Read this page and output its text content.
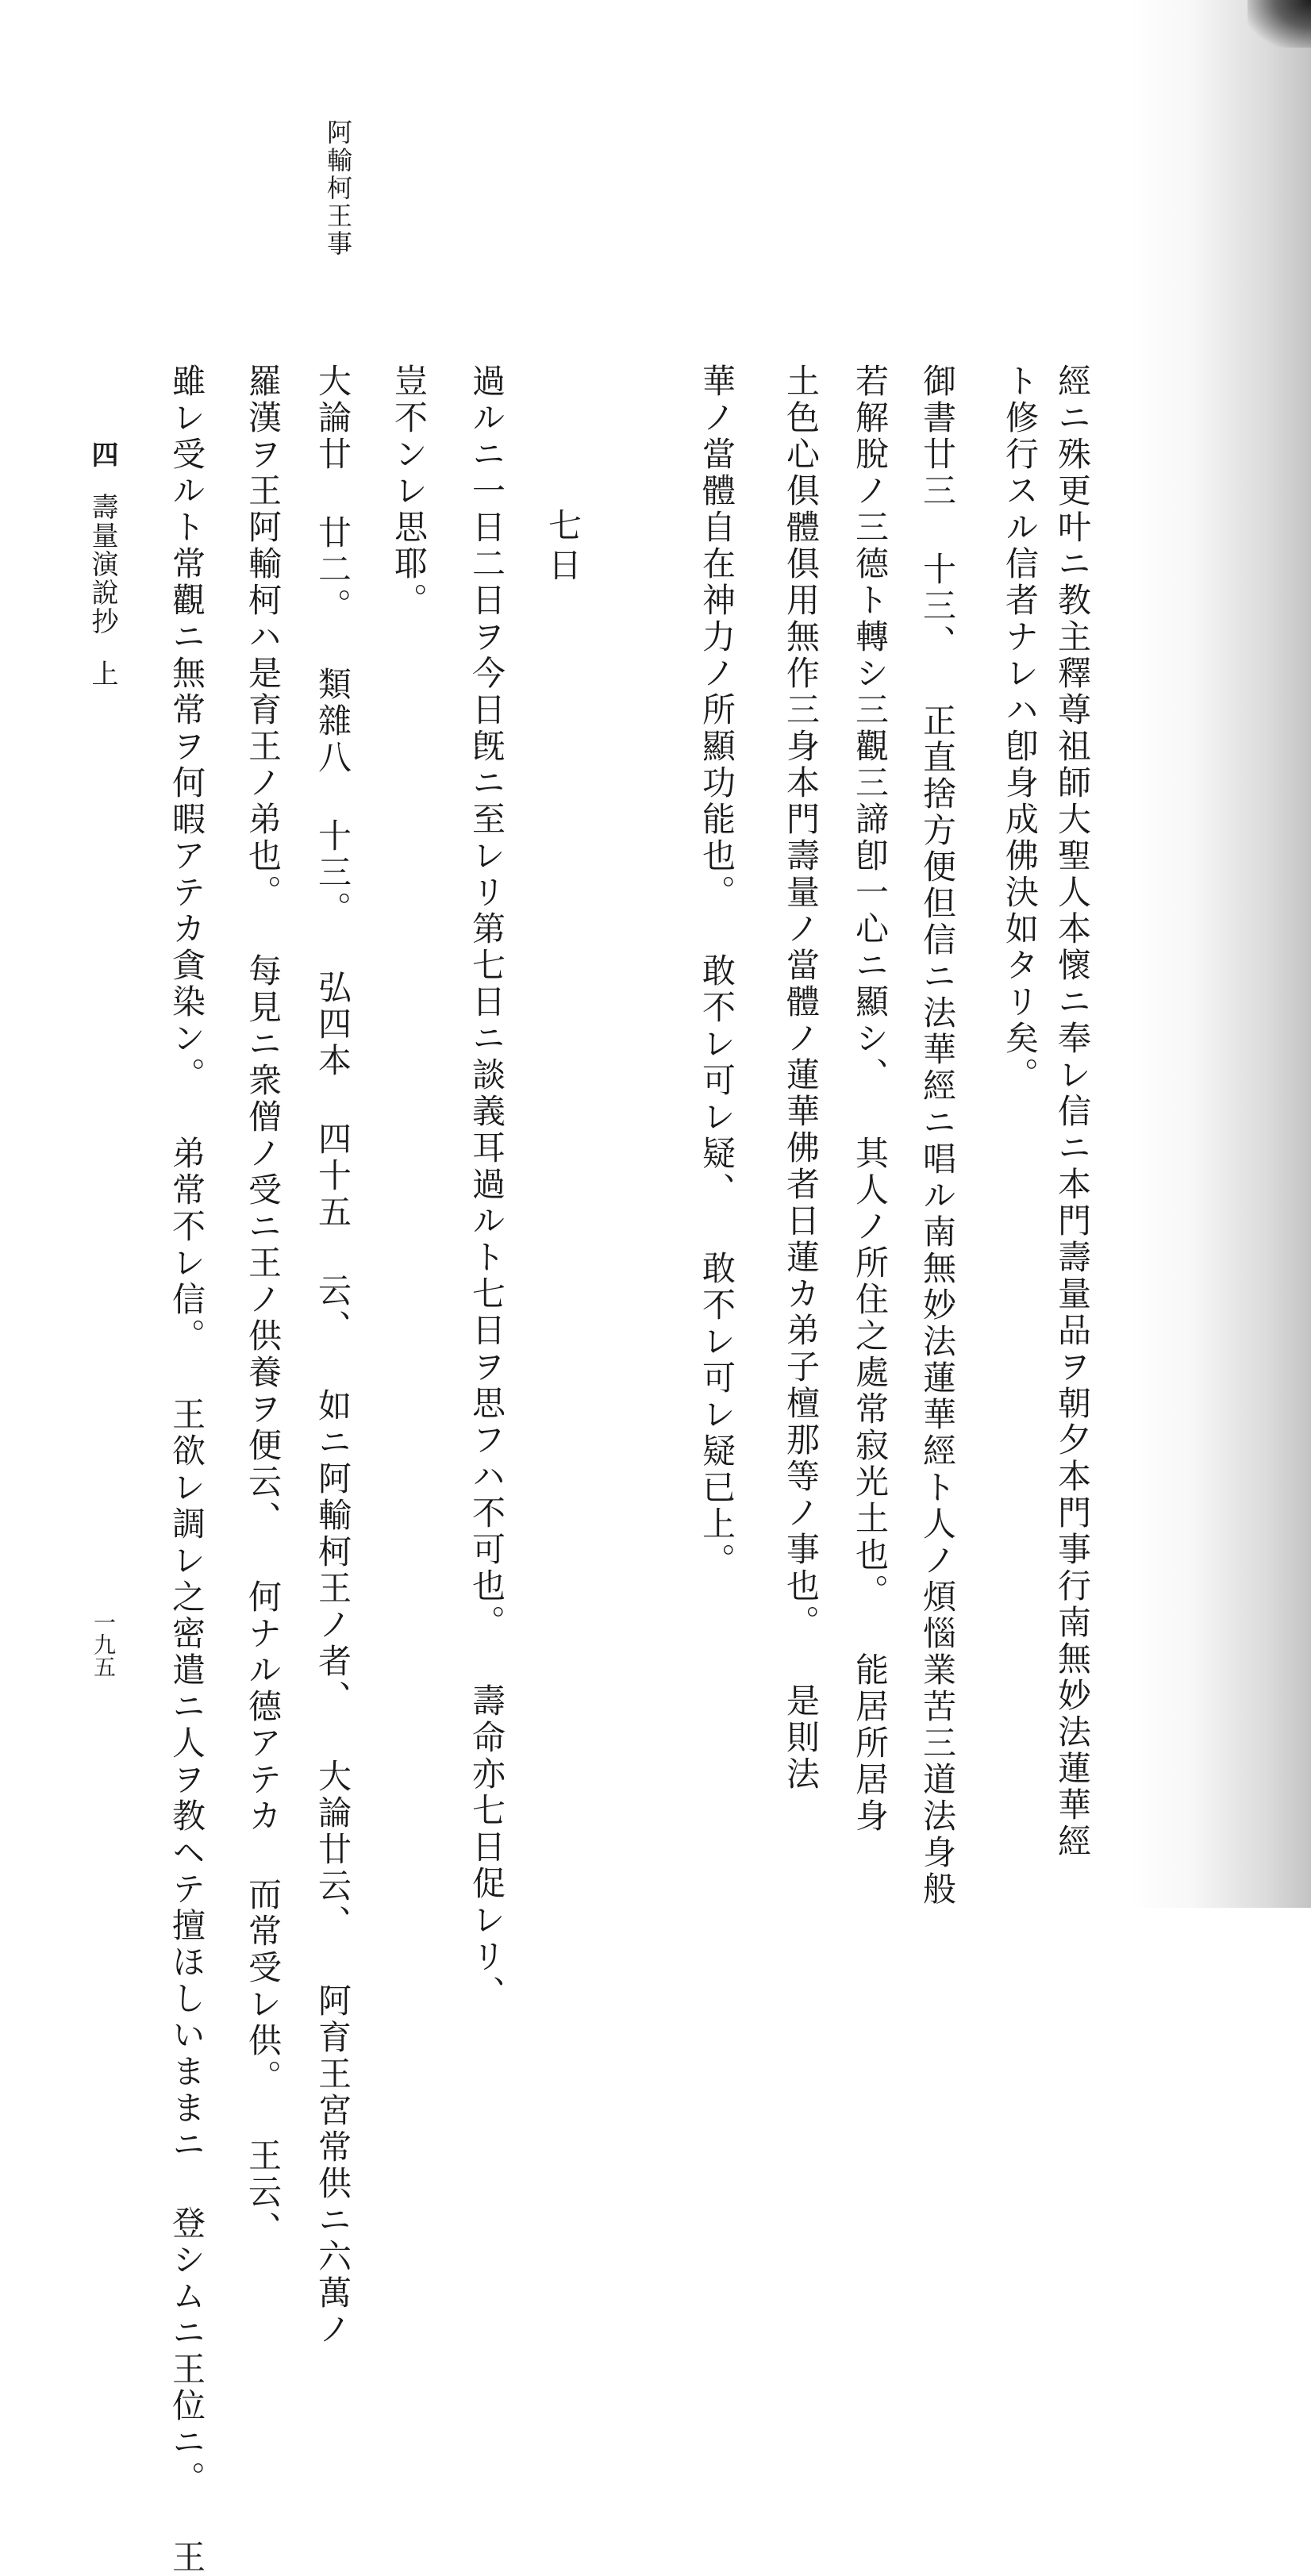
阿輸柯王事
經ニ殊更叶ニ教主釋尊祖師大聖人本懷ニ奉レ信ニ本門壽量品ヲ朝夕本門事行南無妙法蓮華經
ト修行スル信者ナレハ卽身成佛決如タリ矣。
御書廿三 十三、 正直捨方便但信ニ法華經ニ唱ル南無妙法蓮華經ト人ノ煩惱業苦三道法身般
若解脫ノ三德ト轉シ三觀三諦卽一心ニ顯シ、 其人ノ所住之處常寂光土也。 能居所居身
土色心俱體俱用無作三身本門壽量ノ當體ノ蓮華佛者日蓮カ弟子檀那等ノ事也。 是則法
華ノ當體自在神力ノ所顯功能也。 敢不レ可レ疑、 敢不レ可レ疑已上。
七日
過ルニ一日二日ヲ今日旣ニ至レリ第七日ニ談義耳過ルト七日ヲ思フハ不可也。 壽命亦七日促レリ、
豈不ンレ思耶。
大論廿 廿二。 類雜八 十三。 弘四本 四十五 云、 如ニ阿輸柯王ノ者、 大論廿云、 阿育王宮常供ニ六萬ノ
羅漢ヲ王阿輸柯ハ是育王ノ弟也。 每見ニ衆僧ノ受ニ王ノ供養ヲ便云、 何ナル德アテカ 而常受レ供。 王云、
雖レ受ルト常觀ニ無常ヲ何暇アテカ貪染ン。 弟常不レ信。 王欲レ調レ之密遣ニ人ヲ教ヘテ擅ほしいままニ 登シムニ王位ニ。 王
四壽量演說抄上
一九五
